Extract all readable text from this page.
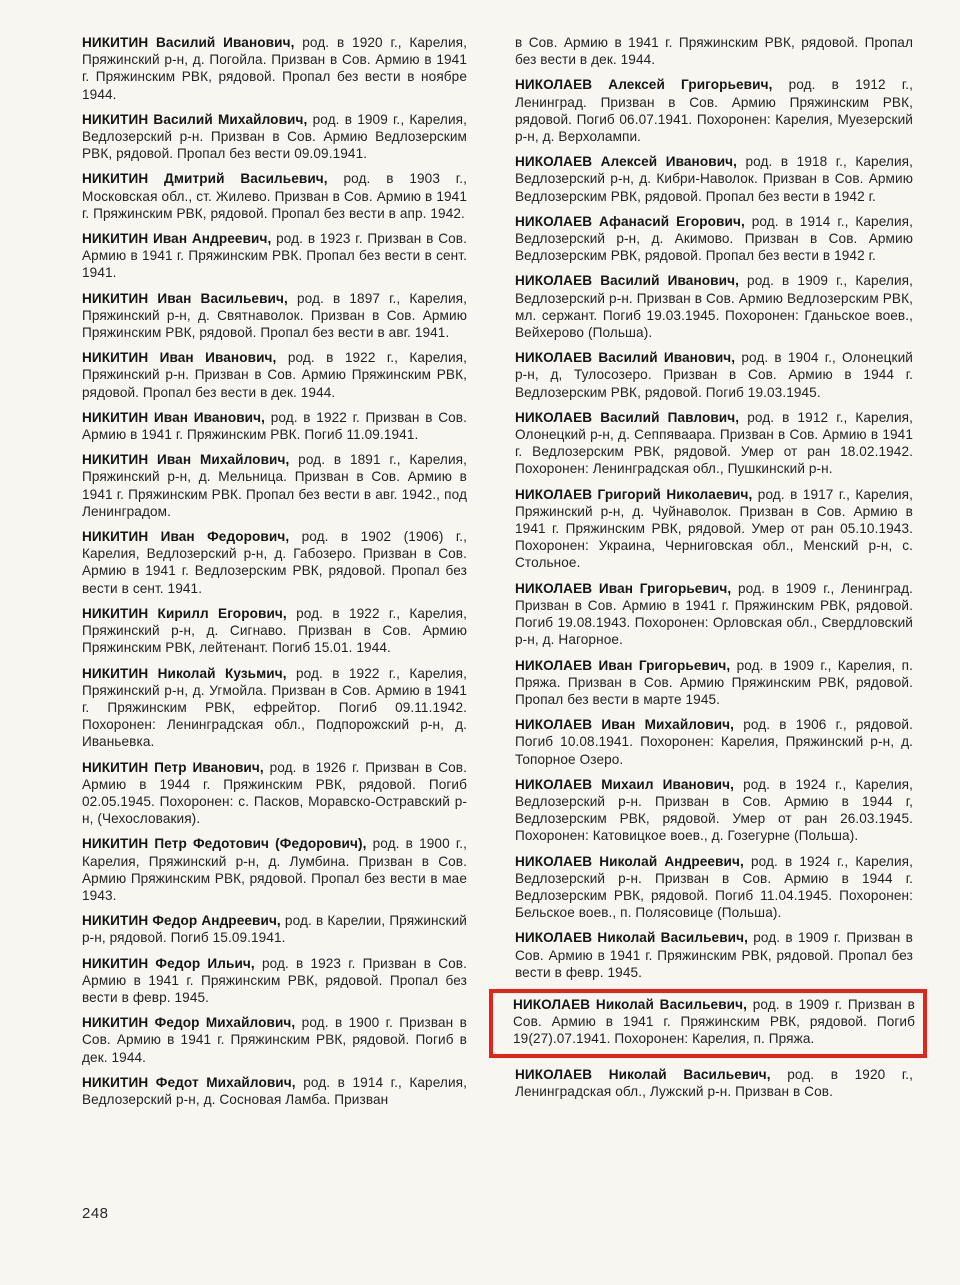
НИКИТИН Василий Иванович, род. в 1920 г., Карелия, Пряжинский р-н, д. Погойла. Призван в Сов. Армию в 1941 г. Пряжинским РВК, рядовой. Пропал без вести в ноябре 1944.

НИКИТИН Василий Михайлович, род. в 1909 г., Карелия, Ведлозерский р-н. Призван в Сов. Армию Ведлозерским РВК, рядовой. Пропал без вести 09.09.1941.

НИКИТИН Дмитрий Васильевич, род. в 1903 г., Московская обл., ст. Жилево. Призван в Сов. Армию в 1941 г. Пряжинским РВК, рядовой. Пропал без вести в апр. 1942.

НИКИТИН Иван Андреевич, род. в 1923 г. Призван в Сов. Армию в 1941 г. Пряжинским РВК. Пропал без вести в сент. 1941.

НИКИТИН Иван Васильевич, род. в 1897 г., Карелия, Пряжинский р-н, д. Святнаволок. Призван в Сов. Армию Пряжинским РВК, рядовой. Пропал без вести в авг. 1941.

НИКИТИН Иван Иванович, род. в 1922 г., Карелия, Пряжинский р-н. Призван в Сов. Армию Пряжинским РВК, рядовой. Пропал без вести в дек. 1944.

НИКИТИН Иван Иванович, род. в 1922 г. Призван в Сов. Армию в 1941 г. Пряжинским РВК. Погиб 11.09.1941.

НИКИТИН Иван Михайлович, род. в 1891 г., Карелия, Пряжинский р-н, д. Мельница. Призван в Сов. Армию в 1941 г. Пряжинским РВК. Пропал без вести в авг. 1942., под Ленинградом.

НИКИТИН Иван Федорович, род. в 1902 (1906) г., Карелия, Ведлозерский р-н, д. Габозеро. Призван в Сов. Армию в 1941 г. Ведлозерским РВК, рядовой. Пропал без вести в сент. 1941.

НИКИТИН Кирилл Егорович, род. в 1922 г., Карелия, Пряжинский р-н, д. Сигнаво. Призван в Сов. Армию Пряжинским РВК, лейтенант. Погиб 15.01. 1944.

НИКИТИН Николай Кузьмич, род. в 1922 г., Карелия, Пряжинский р-н, д. Угмойла. Призван в Сов. Армию в 1941 г. Пряжинским РВК, ефрейтор. Погиб 09.11.1942. Похоронен: Ленинградская обл., Подпорожский р-н, д. Иваньевка.

НИКИТИН Петр Иванович, род. в 1926 г. Призван в Сов. Армию в 1944 г. Пряжинским РВК, рядовой. Погиб 02.05.1945. Похоронен: с. Пасков, Моравско-Остравский р-н, (Чехословакия).

НИКИТИН Петр Федотович (Федорович), род. в 1900 г., Карелия, Пряжинский р-н, д. Лумбина. Призван в Сов. Армию Пряжинским РВК, рядовой. Пропал без вести в мае 1943.

НИКИТИН Федор Андреевич, род. в Карелии, Пряжинский р-н, рядовой. Погиб 15.09.1941.

НИКИТИН Федор Ильич, род. в 1923 г. Призван в Сов. Армию в 1941 г. Пряжинским РВК, рядовой. Пропал без вести в февр. 1945.

НИКИТИН Федор Михайлович, род. в 1900 г. Призван в Сов. Армию в 1941 г. Пряжинским РВК, рядовой. Погиб в дек. 1944.

НИКИТИН Федот Михайлович, род. в 1914 г., Карелия, Ведлозерский р-н, д. Сосновая Ламба. Призван

в Сов. Армию в 1941 г. Пряжинским РВК, рядовой. Пропал без вести в дек. 1944.

НИКОЛАЕВ Алексей Григорьевич, род. в 1912 г., Ленинград. Призван в Сов. Армию Пряжинским РВК, рядовой. Погиб 06.07.1941. Похоронен: Карелия, Муезерский р-н, д. Верхолампи.

НИКОЛАЕВ Алексей Иванович, род. в 1918 г., Карелия, Ведлозерский р-н, д. Кибри-Наволок. Призван в Сов. Армию Ведлозерским РВК, рядовой. Пропал без вести в 1942 г.

НИКОЛАЕВ Афанасий Егорович, род. в 1914 г., Карелия, Ведлозерский р-н, д. Акимово. Призван в Сов. Армию Ведлозерским РВК, рядовой. Пропал без вести в 1942 г.

НИКОЛАЕВ Василий Иванович, род. в 1909 г., Карелия, Ведлозерский р-н. Призван в Сов. Армию Ведлозерским РВК, мл. сержант. Погиб 19.03.1945. Похоронен: Гданьское воев., Вейхерово (Польша).

НИКОЛАЕВ Василий Иванович, род. в 1904 г., Олонецкий р-н, д, Тулосозеро. Призван в Сов. Армию в 1944 г. Ведлозерским РВК, рядовой. Погиб 19.03.1945.

НИКОЛАЕВ Василий Павлович, род. в 1912 г., Карелия, Олонецкий р-н, д. Сеппяваара. Призван в Сов. Армию в 1941 г. Ведлозерским РВК, рядовой. Умер от ран 18.02.1942. Похоронен: Ленинградская обл., Пушкинский р-н.

НИКОЛАЕВ Григорий Николаевич, род. в 1917 г., Карелия, Пряжинский р-н, д. Чуйнаволок. Призван в Сов. Армию в 1941 г. Пряжинским РВК, рядовой. Умер от ран 05.10.1943. Похоронен: Украина, Черниговская обл., Менский р-н, с. Стольное.

НИКОЛАЕВ Иван Григорьевич, род. в 1909 г., Ленинград. Призван в Сов. Армию в 1941 г. Пряжинским РВК, рядовой. Погиб 19.08.1943. Похоронен: Орловская обл., Свердловский р-н, д. Нагорное.

НИКОЛАЕВ Иван Григорьевич, род. в 1909 г., Карелия, п. Пряжа. Призван в Сов. Армию Пряжинским РВК, рядовой. Пропал без вести в марте 1945.

НИКОЛАЕВ Иван Михайлович, род. в 1906 г., рядовой. Погиб 10.08.1941. Похоронен: Карелия, Пряжинский р-н, д. Топорное Озеро.

НИКОЛАЕВ Михаил Иванович, род. в 1924 г., Карелия, Ведлозерский р-н. Призван в Сов. Армию в 1944 г, Ведлозерским РВК, рядовой. Умер от ран 26.03.1945. Похоронен: Катовицкое воев., д. Гозегурне (Польша).

НИКОЛАЕВ Николай Андреевич, род. в 1924 г., Карелия, Ведлозерский р-н. Призван в Сов. Армию в 1944 г. Ведлозерским РВК, рядовой. Погиб 11.04.1945. Похоронен: Бельское воев., п. Полясовице (Польша).

НИКОЛАЕВ Николай Васильевич, род. в 1909 г. Призван в Сов. Армию в 1941 г. Пряжинским РВК, рядовой. Пропал без вести в февр. 1945.

НИКОЛАЕВ Николай Васильевич, род. в 1909 г. Призван в Сов. Армию в 1941 г. Пряжинским РВК, рядовой. Погиб 19(27).07.1941. Похоронен: Карелия, п. Пряжа.

НИКОЛАЕВ Николай Васильевич, род. в 1920 г., Ленинградская обл., Лужский р-н. Призван в Сов.

248
